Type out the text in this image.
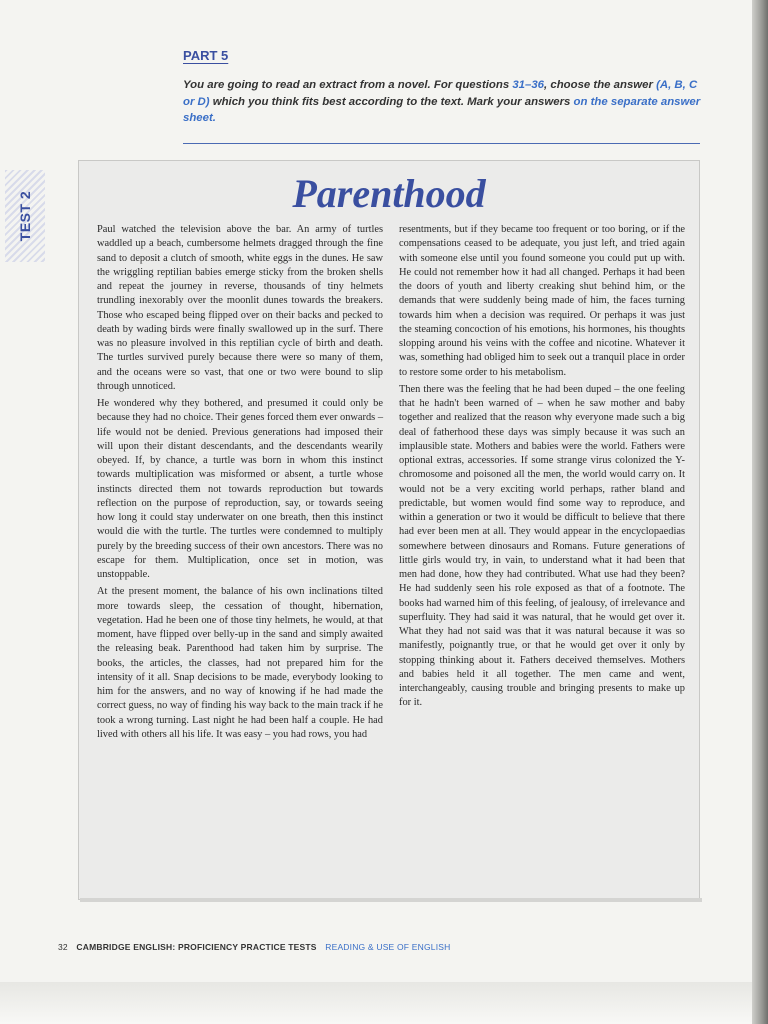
PART 5

You are going to read an extract from a novel. For questions 31–36, choose the answer (A, B, C or D) which you think fits best according to the text. Mark your answers on the separate answer sheet.

TEST 2	Parenthood

Paul watched the television above the bar. An army of turtles waddled up a beach, cumbersome helmets dragged through the fine sand to deposit a clutch of smooth, white eggs in the dunes. He saw the wriggling reptilian babies emerge sticky from the broken shells and repeat the journey in reverse, thousands of tiny helmets trundling inexorably over the moonlit dunes towards the breakers. Those who escaped being flipped over on their backs and pecked to death by wading birds were finally swallowed up in the surf. There was no pleasure involved in this reptilian cycle of birth and death. The turtles survived purely because there were so many of them, and the oceans were so vast, that one or two were bound to slip through unnoticed.

He wondered why they bothered, and presumed it could only be because they had no choice. Their genes forced them ever onwards – life would not be denied. Previous generations had imposed their will upon their distant descendants, and the descendants wearily obeyed. If, by chance, a turtle was born in whom this instinct towards multiplication was misformed or absent, a turtle whose instincts directed them not towards reproduction but towards reflection on the purpose of reproduction, say, or towards seeing how long it could stay underwater on one breath, then this instinct would die with the turtle. The turtles were condemned to multiply purely by the breeding success of their own ancestors. There was no escape for them. Multiplication, once set in motion, was unstoppable.

At the present moment, the balance of his own inclinations tilted more towards sleep, the cessation of thought, hibernation, vegetation. Had he been one of those tiny helmets, he would, at that moment, have flipped over belly-up in the sand and simply awaited the releasing beak. Parenthood had taken him by surprise. The books, the articles, the classes, had not prepared him for the intensity of it all. Snap decisions to be made, everybody looking to him for the answers, and no way of knowing if he had made the correct guess, no way of finding his way back to the main track if he took a wrong turning. Last night he had been half a couple. He had lived with others all his life. It was easy – you had rows, you had

resentments, but if they became too frequent or too boring, or if the compensations ceased to be adequate, you just left, and tried again with someone else until you found someone you could put up with. He could not remember how it had all changed. Perhaps it had been the doors of youth and liberty creaking shut behind him, or the demands that were suddenly being made of him, the faces turning towards him when a decision was required. Or perhaps it was just the steaming concoction of his emotions, his hormones, his thoughts slopping around his veins with the coffee and nicotine. Whatever it was, something had obliged him to seek out a tranquil place in order to restore some order to his metabolism.

Then there was the feeling that he had been duped – the one feeling that he hadn't been warned of – when he saw mother and baby together and realized that the reason why everyone made such a big deal of fatherhood these days was simply because it was such an implausible state. Mothers and babies were the world. Fathers were optional extras, accessories. If some strange virus colonized the Y-chromosome and poisoned all the men, the world would carry on. It would not be a very exciting world perhaps, rather bland and predictable, but women would find some way to reproduce, and within a generation or two it would be difficult to believe that there had ever been men at all. They would appear in the encyclopaedias somewhere between dinosaurs and Romans. Future generations of little girls would try, in vain, to understand what it had been that men had done, how they had contributed. What use had they been? He had suddenly seen his role exposed as that of a footnote. The books had warned him of this feeling, of jealousy, of irrelevance and superfluity. They had said it was natural, that he would get over it. What they had not said was that it was natural because it was so manifestly, poignantly true, or that he would get over it only by stopping thinking about it. Fathers deceived themselves. Mothers and babies held it all together. The men came and went, interchangeably, causing trouble and bringing presents to make up for it.

32 CAMBRIDGE ENGLISH: PROFICIENCY PRACTICE TESTS READING & USE OF ENGLISH
